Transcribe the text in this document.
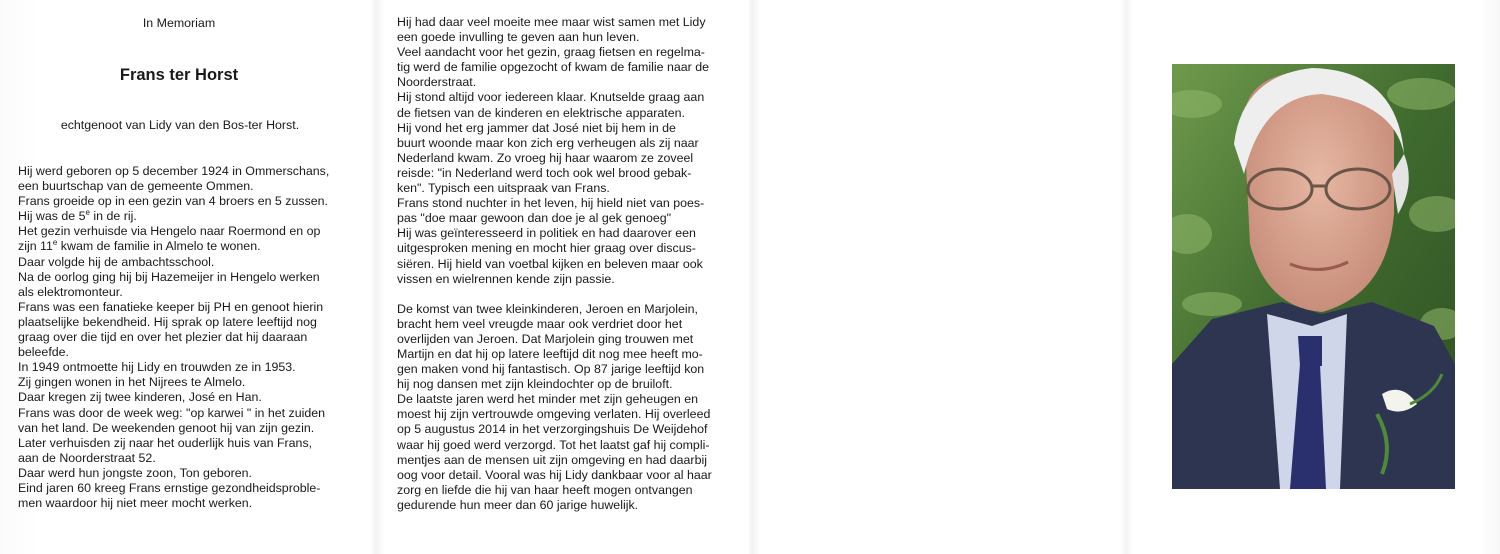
In Memoriam
Frans ter Horst
echtgenoot van Lidy van den Bos-ter Horst.
Hij werd geboren op 5 december 1924 in Ommerschans,
een buurtschap van de gemeente Ommen.
Frans groeide op in een gezin van 4 broers en 5 zussen.
Hij was de 5e in de rij.
Het gezin verhuisde via Hengelo naar Roermond en op
zijn 11e kwam de familie in Almelo te wonen.
Daar volgde hij de ambachtsschool.
Na de oorlog ging hij bij Hazemeijer in Hengelo werken
als elektromonteur.
Frans was een fanatieke keeper bij PH en genoot hierin
plaatselijke bekendheid. Hij sprak op latere leeftijd nog
graag over die tijd en over het plezier dat hij daaraan
beleefde.
In 1949 ontmoette hij Lidy en trouwden ze in 1953.
Zij gingen wonen in het Nijrees te Almelo.
Daar kregen zij twee kinderen, José en Han.
Frans was door de week weg: "op karwei " in het zuiden
van het land. De weekenden genoot hij van zijn gezin.
Later verhuisden zij naar het ouderlijk huis van Frans,
aan de Noorderstraat 52.
Daar werd hun jongste zoon, Ton geboren.
Eind jaren 60 kreeg Frans ernstige gezondheidsproble-
men waardoor hij niet meer mocht werken.
Hij had daar veel moeite mee maar wist samen met Lidy
een goede invulling te geven aan hun leven.
Veel aandacht voor het gezin, graag fietsen en regelma-
tig werd de familie opgezocht of kwam de familie naar de
Noorderstraat.
Hij stond altijd voor iedereen klaar. Knutselde graag aan
de fietsen van de kinderen en elektrische apparaten.
Hij vond het erg jammer dat José niet bij hem in de
buurt woonde maar kon zich erg verheugen als zij naar
Nederland kwam. Zo vroeg hij haar waarom ze zoveel
reisde: "in Nederland werd toch ook wel brood gebak-
ken". Typisch een uitspraak van Frans.
Frans stond nuchter in het leven, hij hield niet van poes-
pas "doe maar gewoon dan doe je al gek genoeg"
Hij was geïnteresseerd in politiek en had daarover een
uitgesproken mening en mocht hier graag over discus-
siëren. Hij hield van voetbal kijken en beleven maar ook
vissen en wielrennen kende zijn passie.
De komst van twee kleinkinderen, Jeroen en Marjolein,
bracht hem veel vreugde maar ook verdriet door het
overlijden van Jeroen. Dat Marjolein ging trouwen met
Martijn en dat hij op latere leeftijd dit nog mee heeft mo-
gen maken vond hij fantastisch. Op 87 jarige leeftijd kon
hij nog dansen met zijn kleindochter op de bruiloft.
De laatste jaren werd het minder met zijn geheugen en
moest hij zijn vertrouwde omgeving verlaten. Hij overleed
op 5 augustus 2014 in het verzorgingshuis De Weijdehof
waar hij goed werd verzorgd. Tot het laatst gaf hij compli-
mentjes aan de mensen uit zijn omgeving en had daarbij
oog voor detail. Vooral was hij Lidy dankbaar voor al haar
zorg en liefde die hij van haar heeft mogen ontvangen
gedurende hun meer dan 60 jarige huwelijk.
